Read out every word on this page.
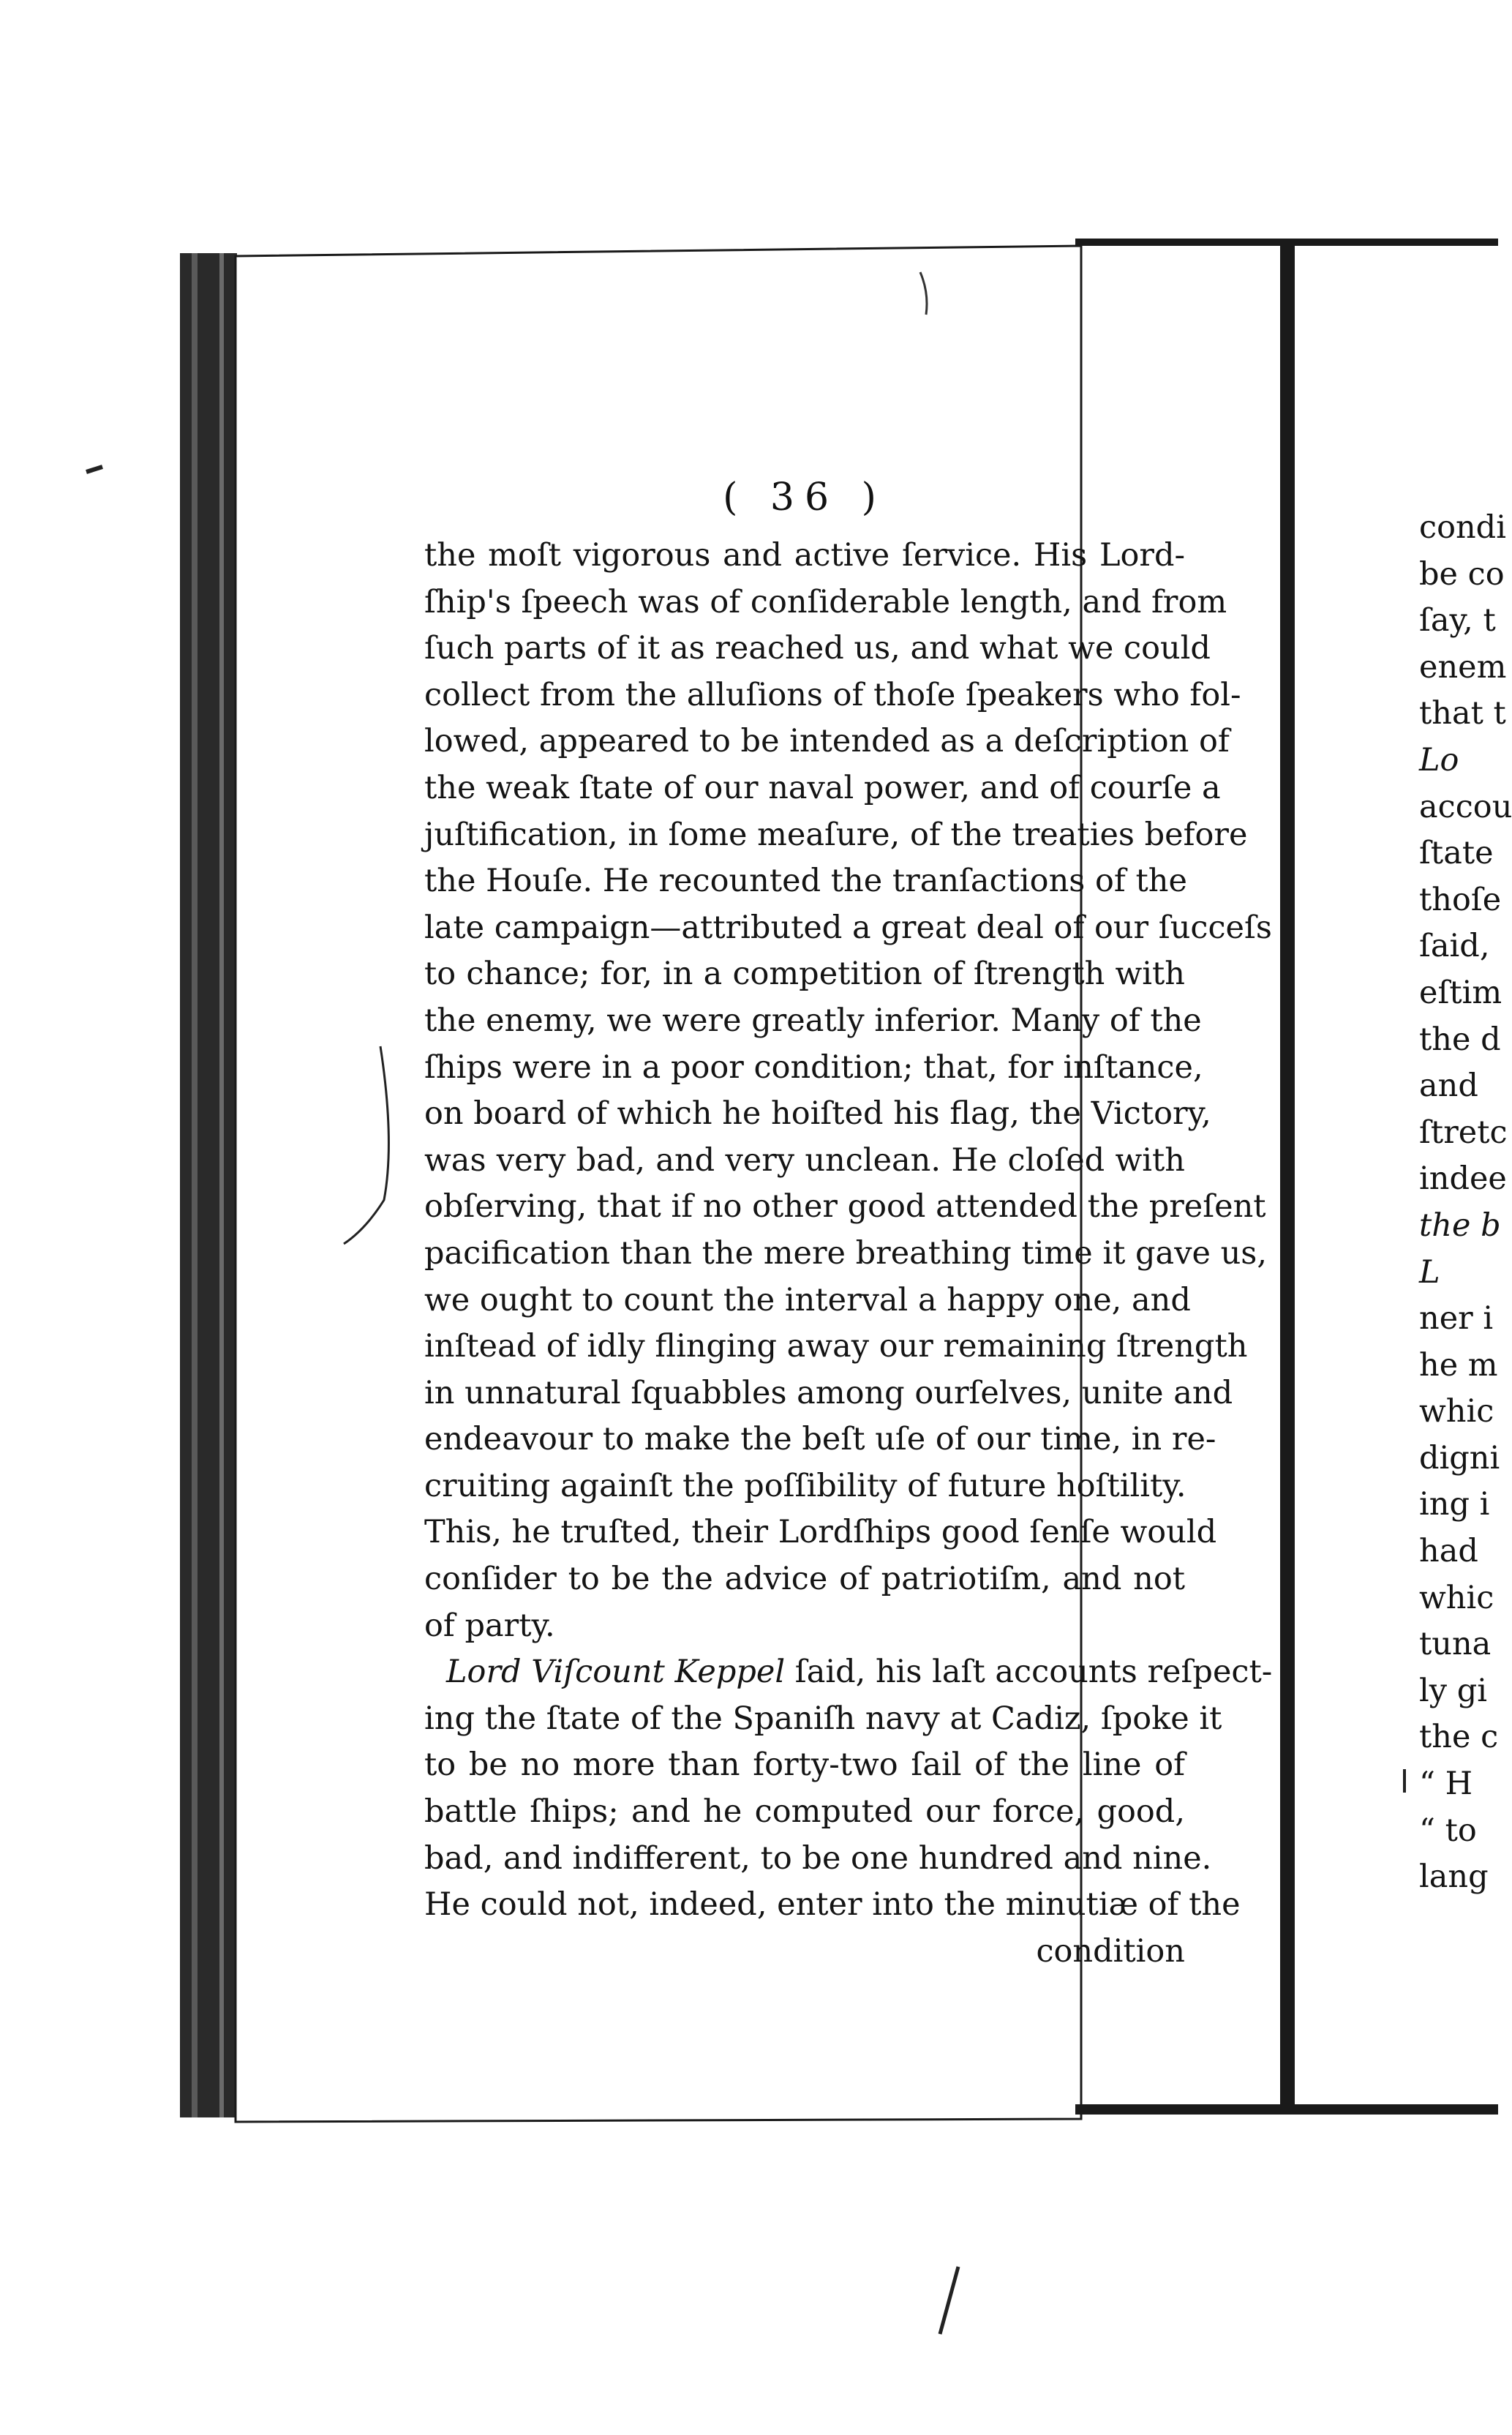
( 36 )
the moſt vigorous and active ſervice. His Lord-
ſhip's ſpeech was of conſiderable length, and from
ſuch parts of it as reached us, and what we could
collect from the alluſions of thoſe ſpeakers who fol-
lowed, appeared to be intended as a deſcription of
the weak ſtate of our naval power, and of courſe a
juſtification, in ſome meaſure, of the treaties before
the Houſe. He recounted the tranſactions of the
late campaign—attributed a great deal of our ſucceſs
to chance; for, in a competition of ſtrength with
the enemy, we were greatly inferior. Many of the
ſhips were in a poor condition; that, for inſtance,
on board of which he hoiſted his flag, the Victory,
was very bad, and very unclean. He cloſed with
obſerving, that if no other good attended the preſent
pacification than the mere breathing time it gave us,
we ought to count the interval a happy one, and
inſtead of idly flinging away our remaining ſtrength
in unnatural ſquabbles among ourſelves, unite and
endeavour to make the beſt uſe of our time, in re-
cruiting againſt the poſſibility of future hoſtility.
This, he truſted, their Lordſhips good ſenſe would
conſider to be the advice of patriotiſm, and not
of party.
Lord Viſcount Keppel ſaid, his laſt accounts reſpect-
ing the ſtate of the Spaniſh navy at Cadiz, ſpoke it
to be no more than forty-two ſail of the line of
battle ſhips; and he computed our force, good,
bad, and indifferent, to be one hundred and nine.
He could not, indeed, enter into the minutiæ of the
condition
condi
be co
ſay, t
enem
that t
Lo
accou
ſtate
thoſe
ſaid,
eſtim
the d
and
ſtretc
indee
the b
L
ner i
he m
whic
digni
ing i
had
whic
tuna
ly gi
the c
“ H
“ to
lang
